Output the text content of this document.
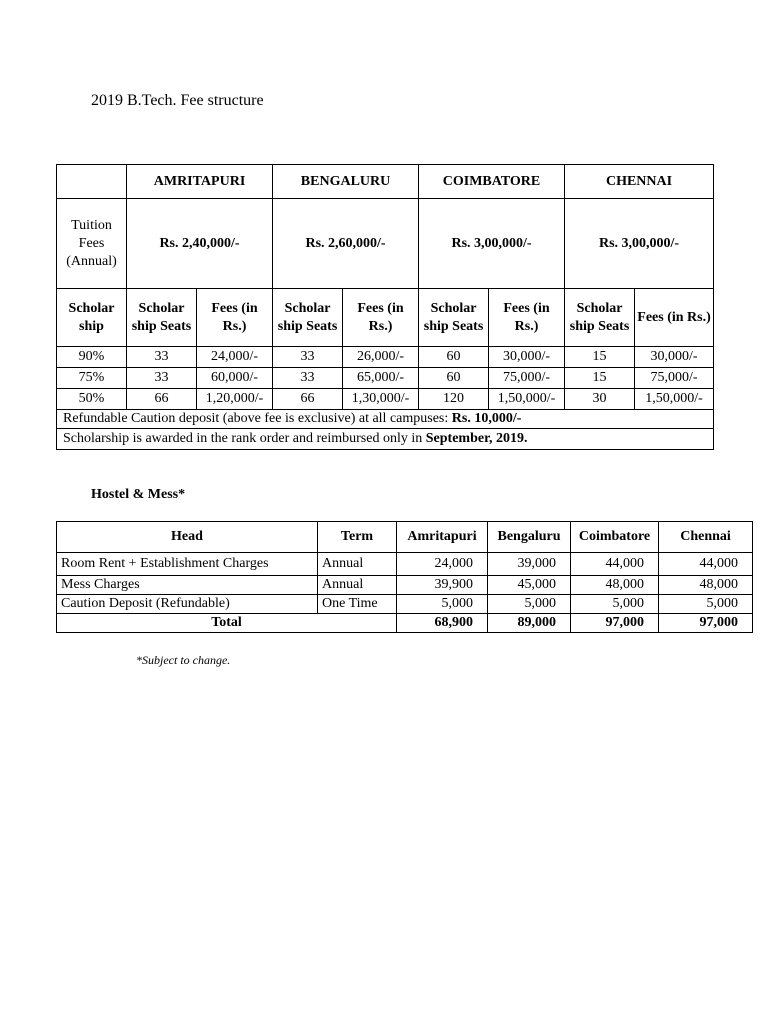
2019 B.Tech. Fee structure
	AMRITAPURI		BENGALURU		COIMBATORE		CHENNAI	
Tuition Fees (Annual)	Rs. 2,40,000/-		Rs. 2,60,000/-		Rs. 3,00,000/-		Rs. 3,00,000/-	
Scholar ship	Scholar ship Seats	Fees (in Rs.)	Scholar ship Seats	Fees (in Rs.)	Scholar ship Seats	Fees (in Rs.)	Scholar ship Seats	Fees (in Rs.)
90%	33	24,000/-	33	26,000/-	60	30,000/-	15	30,000/-
75%	33	60,000/-	33	65,000/-	60	75,000/-	15	75,000/-
50%	66	1,20,000/-	66	1,30,000/-	120	1,50,000/-	30	1,50,000/-
Refundable Caution deposit (above fee is exclusive) at all campuses: Rs. 10,000/-								
Scholarship is awarded in the rank order and reimbursed only in September, 2019.								
Hostel & Mess*
Head	Term	Amritapuri	Bengaluru	Coimbatore	Chennai
Room Rent + Establishment Charges	Annual	24,000	39,000	44,000	44,000
Mess Charges	Annual	39,900	45,000	48,000	48,000
Caution Deposit (Refundable)	One Time	5,000	5,000	5,000	5,000
Total		68,900	89,000	97,000	97,000
*Subject to change.
